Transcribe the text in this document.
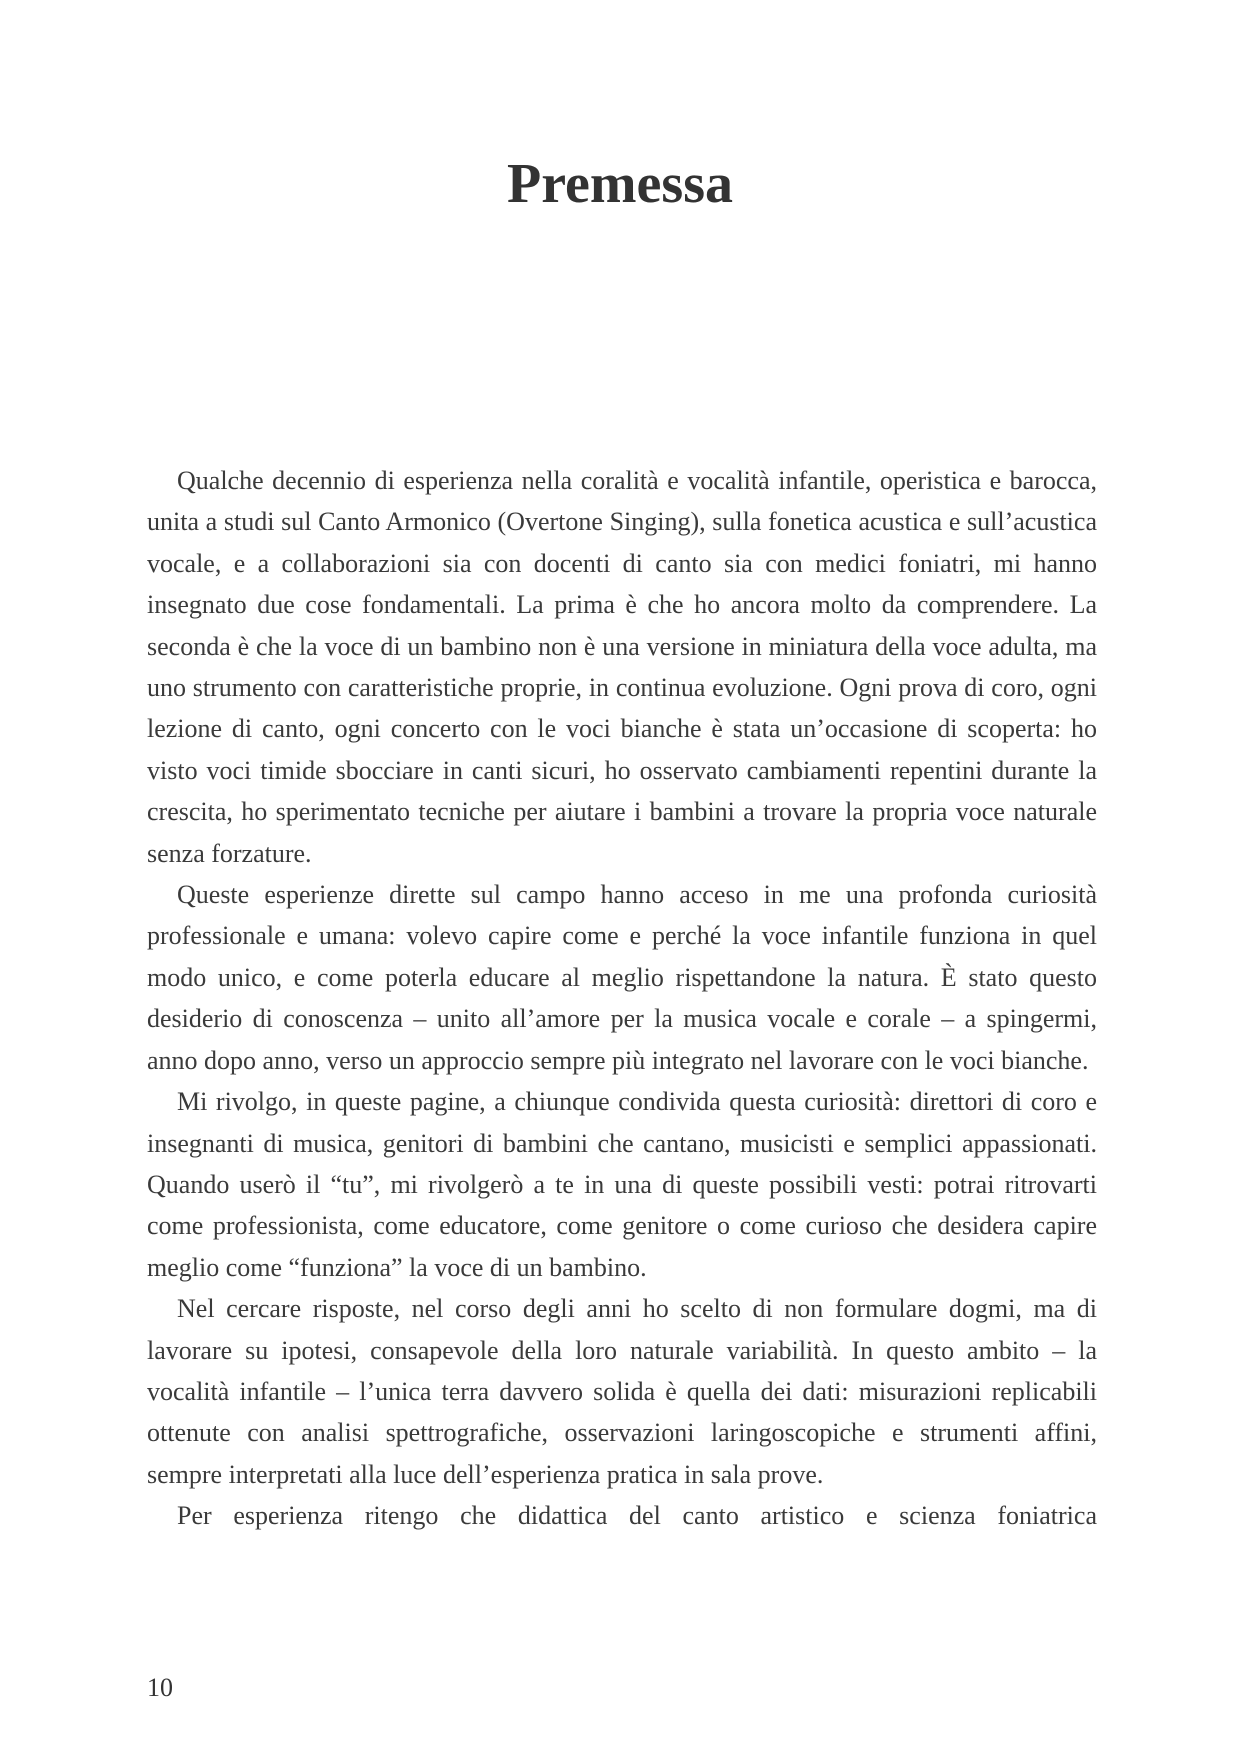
Premessa

Qualche decennio di esperienza nella coralità e vocalità infantile, operistica e barocca, unita a studi sul Canto Armonico (Overtone Singing), sulla fonetica acustica e sull’acustica vocale, e a collaborazioni sia con docenti di canto sia con medici foniatri, mi hanno insegnato due cose fondamentali. La prima è che ho ancora molto da comprendere. La seconda è che la voce di un bambino non è una versione in miniatura della voce adulta, ma uno strumento con caratteristiche proprie, in continua evoluzione. Ogni prova di coro, ogni lezione di canto, ogni concerto con le voci bianche è stata un’occasione di scoperta: ho visto voci timide sbocciare in canti sicuri, ho osservato cambiamenti repentini durante la crescita, ho sperimentato tecniche per aiutare i bambini a trovare la propria voce naturale senza forzature.

Queste esperienze dirette sul campo hanno acceso in me una profonda curiosità professionale e umana: volevo capire come e perché la voce infantile funziona in quel modo unico, e come poterla educare al meglio rispettandone la natura. È stato questo desiderio di conoscenza – unito all’amore per la musica vocale e corale – a spingermi, anno dopo anno, verso un approccio sempre più integrato nel lavorare con le voci bianche.

Mi rivolgo, in queste pagine, a chiunque condivida questa curiosità: direttori di coro e insegnanti di musica, genitori di bambini che cantano, musicisti e semplici appassionati. Quando userò il “tu”, mi rivolgerò a te in una di queste possibili vesti: potrai ritrovarti come professionista, come educatore, come genitore o come curioso che desidera capire meglio come “funziona” la voce di un bambino.

Nel cercare risposte, nel corso degli anni ho scelto di non formulare dogmi, ma di lavorare su ipotesi, consapevole della loro naturale variabilità. In questo ambito – la vocalità infantile – l’unica terra davvero solida è quella dei dati: misurazioni replicabili ottenute con analisi spettrografiche, osservazioni laringoscopiche e strumenti affini, sempre interpretati alla luce dell’esperienza pratica in sala prove.

Per esperienza ritengo che didattica del canto artistico e scienza foniatrica

10
